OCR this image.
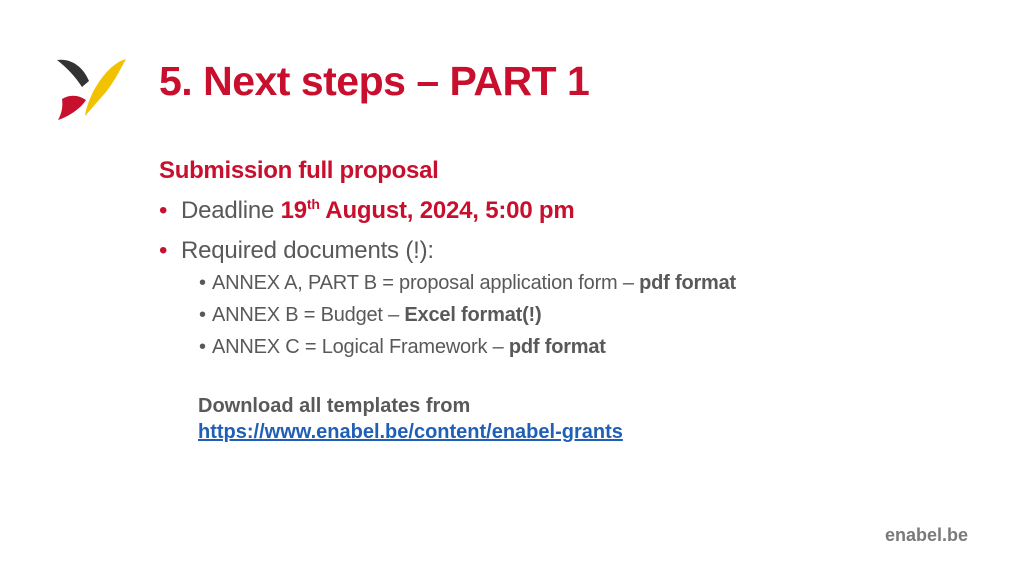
5. Next steps – PART 1
Submission full proposal
• Deadline 19th August, 2024, 5:00 pm
• Required documents (!):
• ANNEX A, PART B = proposal application form – pdf format
• ANNEX B = Budget – Excel format(!)
• ANNEX C = Logical Framework – pdf format
Download all templates from
https://www.enabel.be/content/enabel-grants
enabel.be
